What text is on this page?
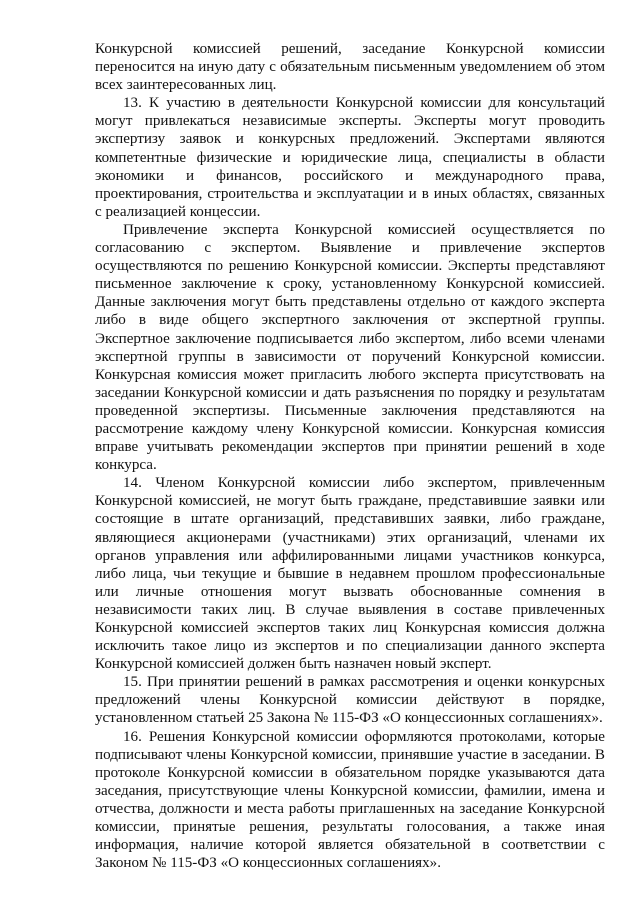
Конкурсной комиссией решений, заседание Конкурсной комиссии переносится на иную дату с обязательным письменным уведомлением об этом всех заинтересованных лиц.

13. К участию в деятельности Конкурсной комиссии для консультаций могут привлекаться независимые эксперты. Эксперты могут проводить экспертизу заявок и конкурсных предложений. Экспертами являются компетентные физические и юридические лица, специалисты в области экономики и финансов, российского и международного права, проектирования, строительства и эксплуатации и в иных областях, связанных с реализацией концессии.

Привлечение эксперта Конкурсной комиссией осуществляется по согласованию с экспертом. Выявление и привлечение экспертов осуществляются по решению Конкурсной комиссии. Эксперты представляют письменное заключение к сроку, установленному Конкурсной комиссией. Данные заключения могут быть представлены отдельно от каждого эксперта либо в виде общего экспертного заключения от экспертной группы. Экспертное заключение подписывается либо экспертом, либо всеми членами экспертной группы в зависимости от поручений Конкурсной комиссии. Конкурсная комиссия может пригласить любого эксперта присутствовать на заседании Конкурсной комиссии и дать разъяснения по порядку и результатам проведенной экспертизы. Письменные заключения представляются на рассмотрение каждому члену Конкурсной комиссии. Конкурсная комиссия вправе учитывать рекомендации экспертов при принятии решений в ходе конкурса.

14. Членом Конкурсной комиссии либо экспертом, привлеченным Конкурсной комиссией, не могут быть граждане, представившие заявки или состоящие в штате организаций, представивших заявки, либо граждане, являющиеся акционерами (участниками) этих организаций, членами их органов управления или аффилированными лицами участников конкурса, либо лица, чьи текущие и бывшие в недавнем прошлом профессиональные или личные отношения могут вызвать обоснованные сомнения в независимости таких лиц. В случае выявления в составе привлеченных Конкурсной комиссией экспертов таких лиц Конкурсная комиссия должна исключить такое лицо из экспертов и по специализации данного эксперта Конкурсной комиссией должен быть назначен новый эксперт.

15. При принятии решений в рамках рассмотрения и оценки конкурсных предложений члены Конкурсной комиссии действуют в порядке, установленном статьей 25 Закона № 115-ФЗ «О концессионных соглашениях».

16. Решения Конкурсной комиссии оформляются протоколами, которые подписывают члены Конкурсной комиссии, принявшие участие в заседании. В протоколе Конкурсной комиссии в обязательном порядке указываются дата заседания, присутствующие члены Конкурсной комиссии, фамилии, имена и отчества, должности и места работы приглашенных на заседание Конкурсной комиссии, принятые решения, результаты голосования, а также иная информация, наличие которой является обязательной в соответствии с Законом № 115-ФЗ «О концессионных соглашениях».
